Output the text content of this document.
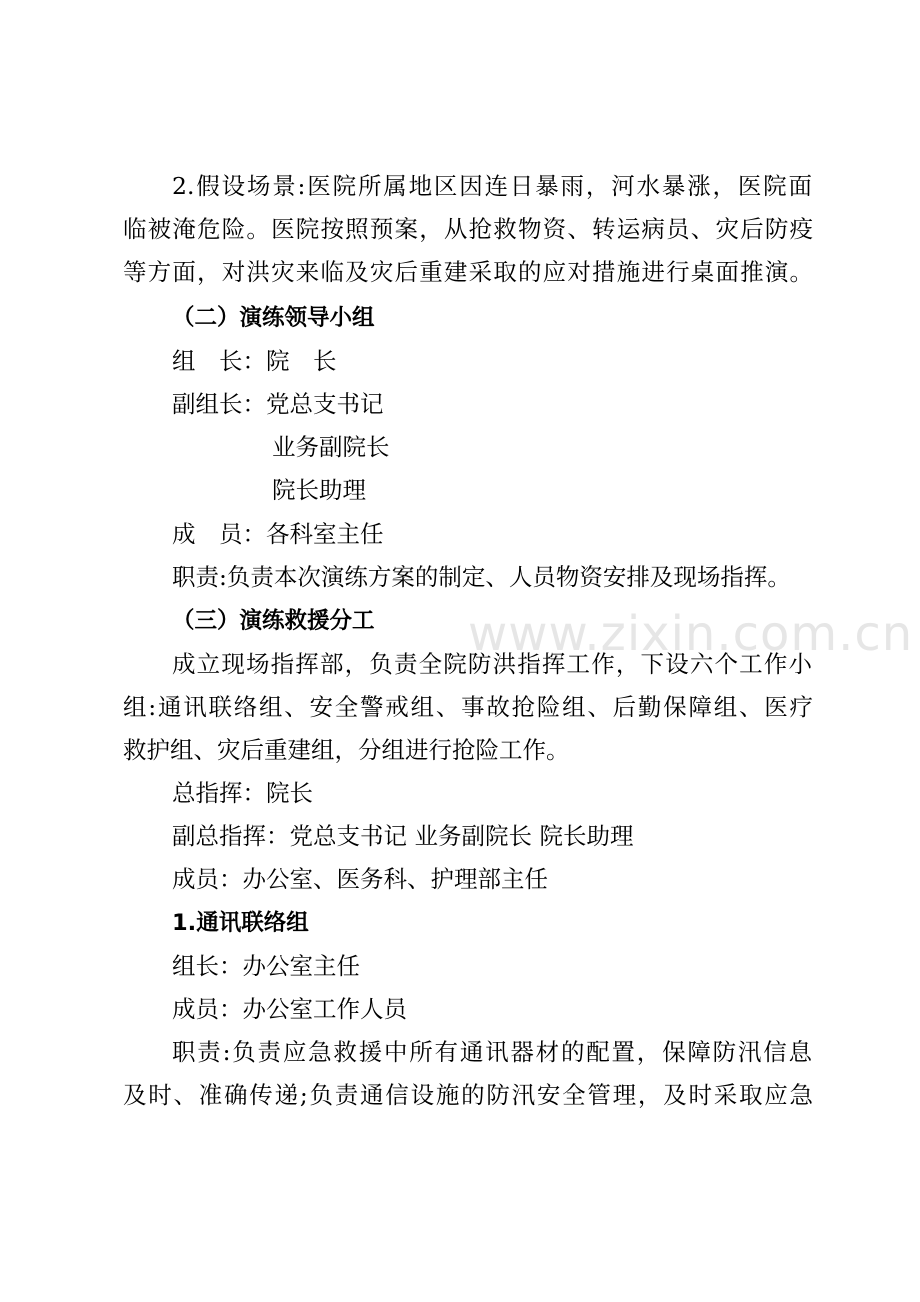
www.zixin.com.cn
2.假设场景:医院所属地区因连日暴雨，河水暴涨，医院面
临被淹危险。医院按照预案，从抢救物资、转运病员、灾后防疫
等方面，对洪灾来临及灾后重建采取的应对措施进行桌面推演。
（二）演练领导小组
组　长：院　长
副组长：党总支书记
业务副院长
院长助理
成　员：各科室主任
职责:负责本次演练方案的制定、人员物资安排及现场指挥。
（三）演练救援分工
成立现场指挥部，负责全院防洪指挥工作，下设六个工作小
组:通讯联络组、安全警戒组、事故抢险组、后勤保障组、医疗
救护组、灾后重建组，分组进行抢险工作。
总指挥：院长
副总指挥：党总支书记 业务副院长 院长助理
成员：办公室、医务科、护理部主任
1.通讯联络组
组长：办公室主任
成员：办公室工作人员
职责:负责应急救援中所有通讯器材的配置，保障防汛信息
及时、准确传递;负责通信设施的防汛安全管理，及时采取应急
